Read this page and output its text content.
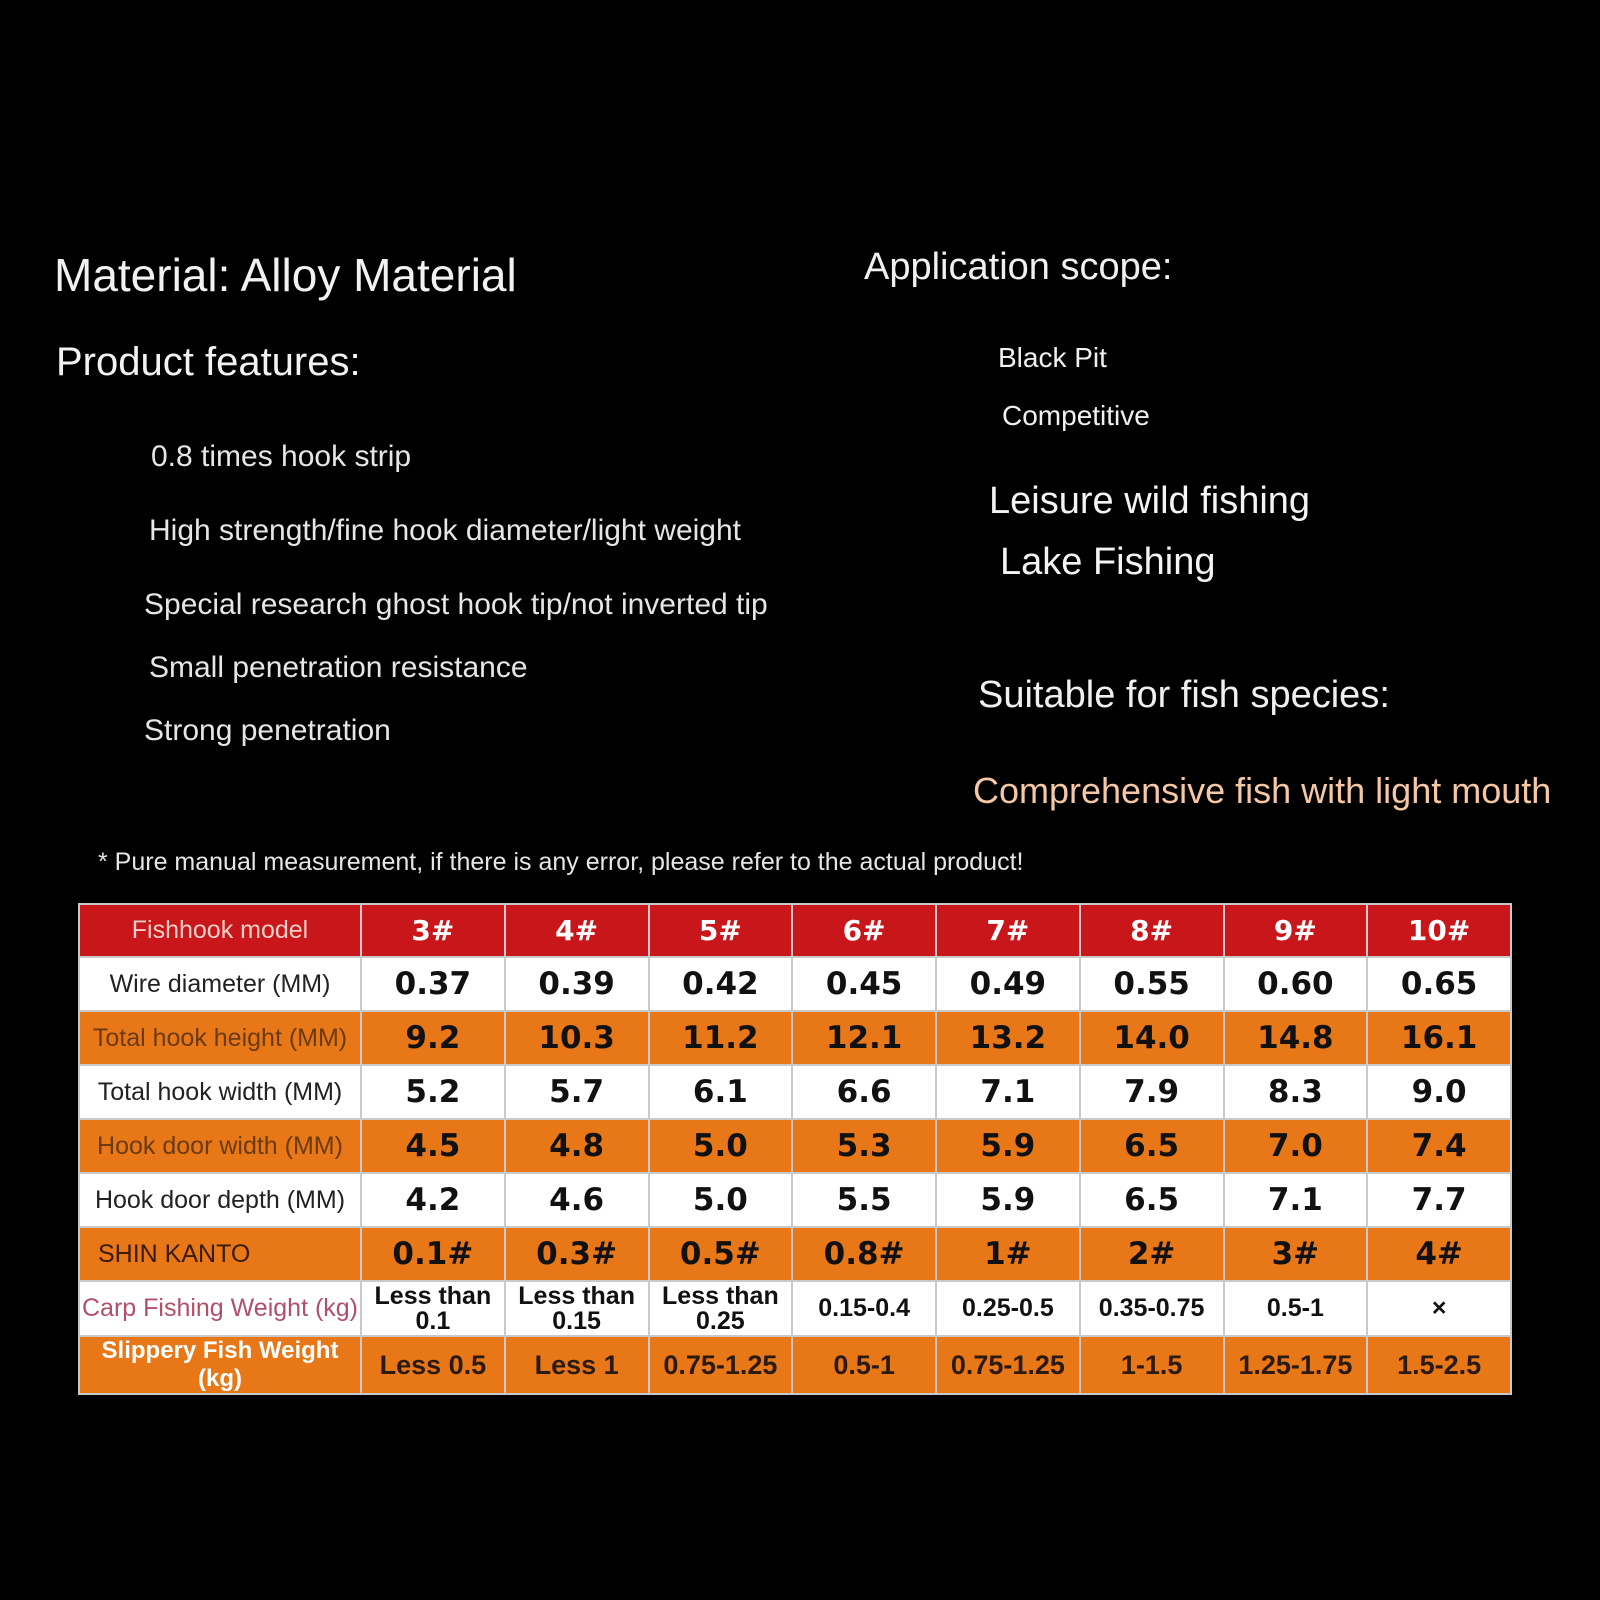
Material: Alloy Material
Product features:
0.8 times hook strip
High strength/fine hook diameter/light weight
Special research ghost hook tip/not inverted tip
Small penetration resistance
Strong penetration
Application scope:
Black Pit
Competitive
Leisure wild fishing
Lake Fishing
Suitable for fish species:
Comprehensive fish with light mouth
* Pure manual measurement, if there is any error, please refer to the actual product!
Fishhook model	3#	4#	5#	6#	7#	8#	9#	10#
Wire diameter (MM)	0.37	0.39	0.42	0.45	0.49	0.55	0.60	0.65
Total hook height (MM)	9.2	10.3	11.2	12.1	13.2	14.0	14.8	16.1
Total hook width (MM)	5.2	5.7	6.1	6.6	7.1	7.9	8.3	9.0
Hook door width (MM)	4.5	4.8	5.0	5.3	5.9	6.5	7.0	7.4
Hook door depth (MM)	4.2	4.6	5.0	5.5	5.9	6.5	7.1	7.7
SHIN KANTO	0.1#	0.3#	0.5#	0.8#	1#	2#	3#	4#
Carp Fishing Weight (kg)	Less than 0.1	Less than 0.15	Less than 0.25	0.15-0.4	0.25-0.5	0.35-0.75	0.5-1	×
Slippery Fish Weight (kg)	Less 0.5	Less 1	0.75-1.25	0.5-1	0.75-1.25	1-1.5	1.25-1.75	1.5-2.5
